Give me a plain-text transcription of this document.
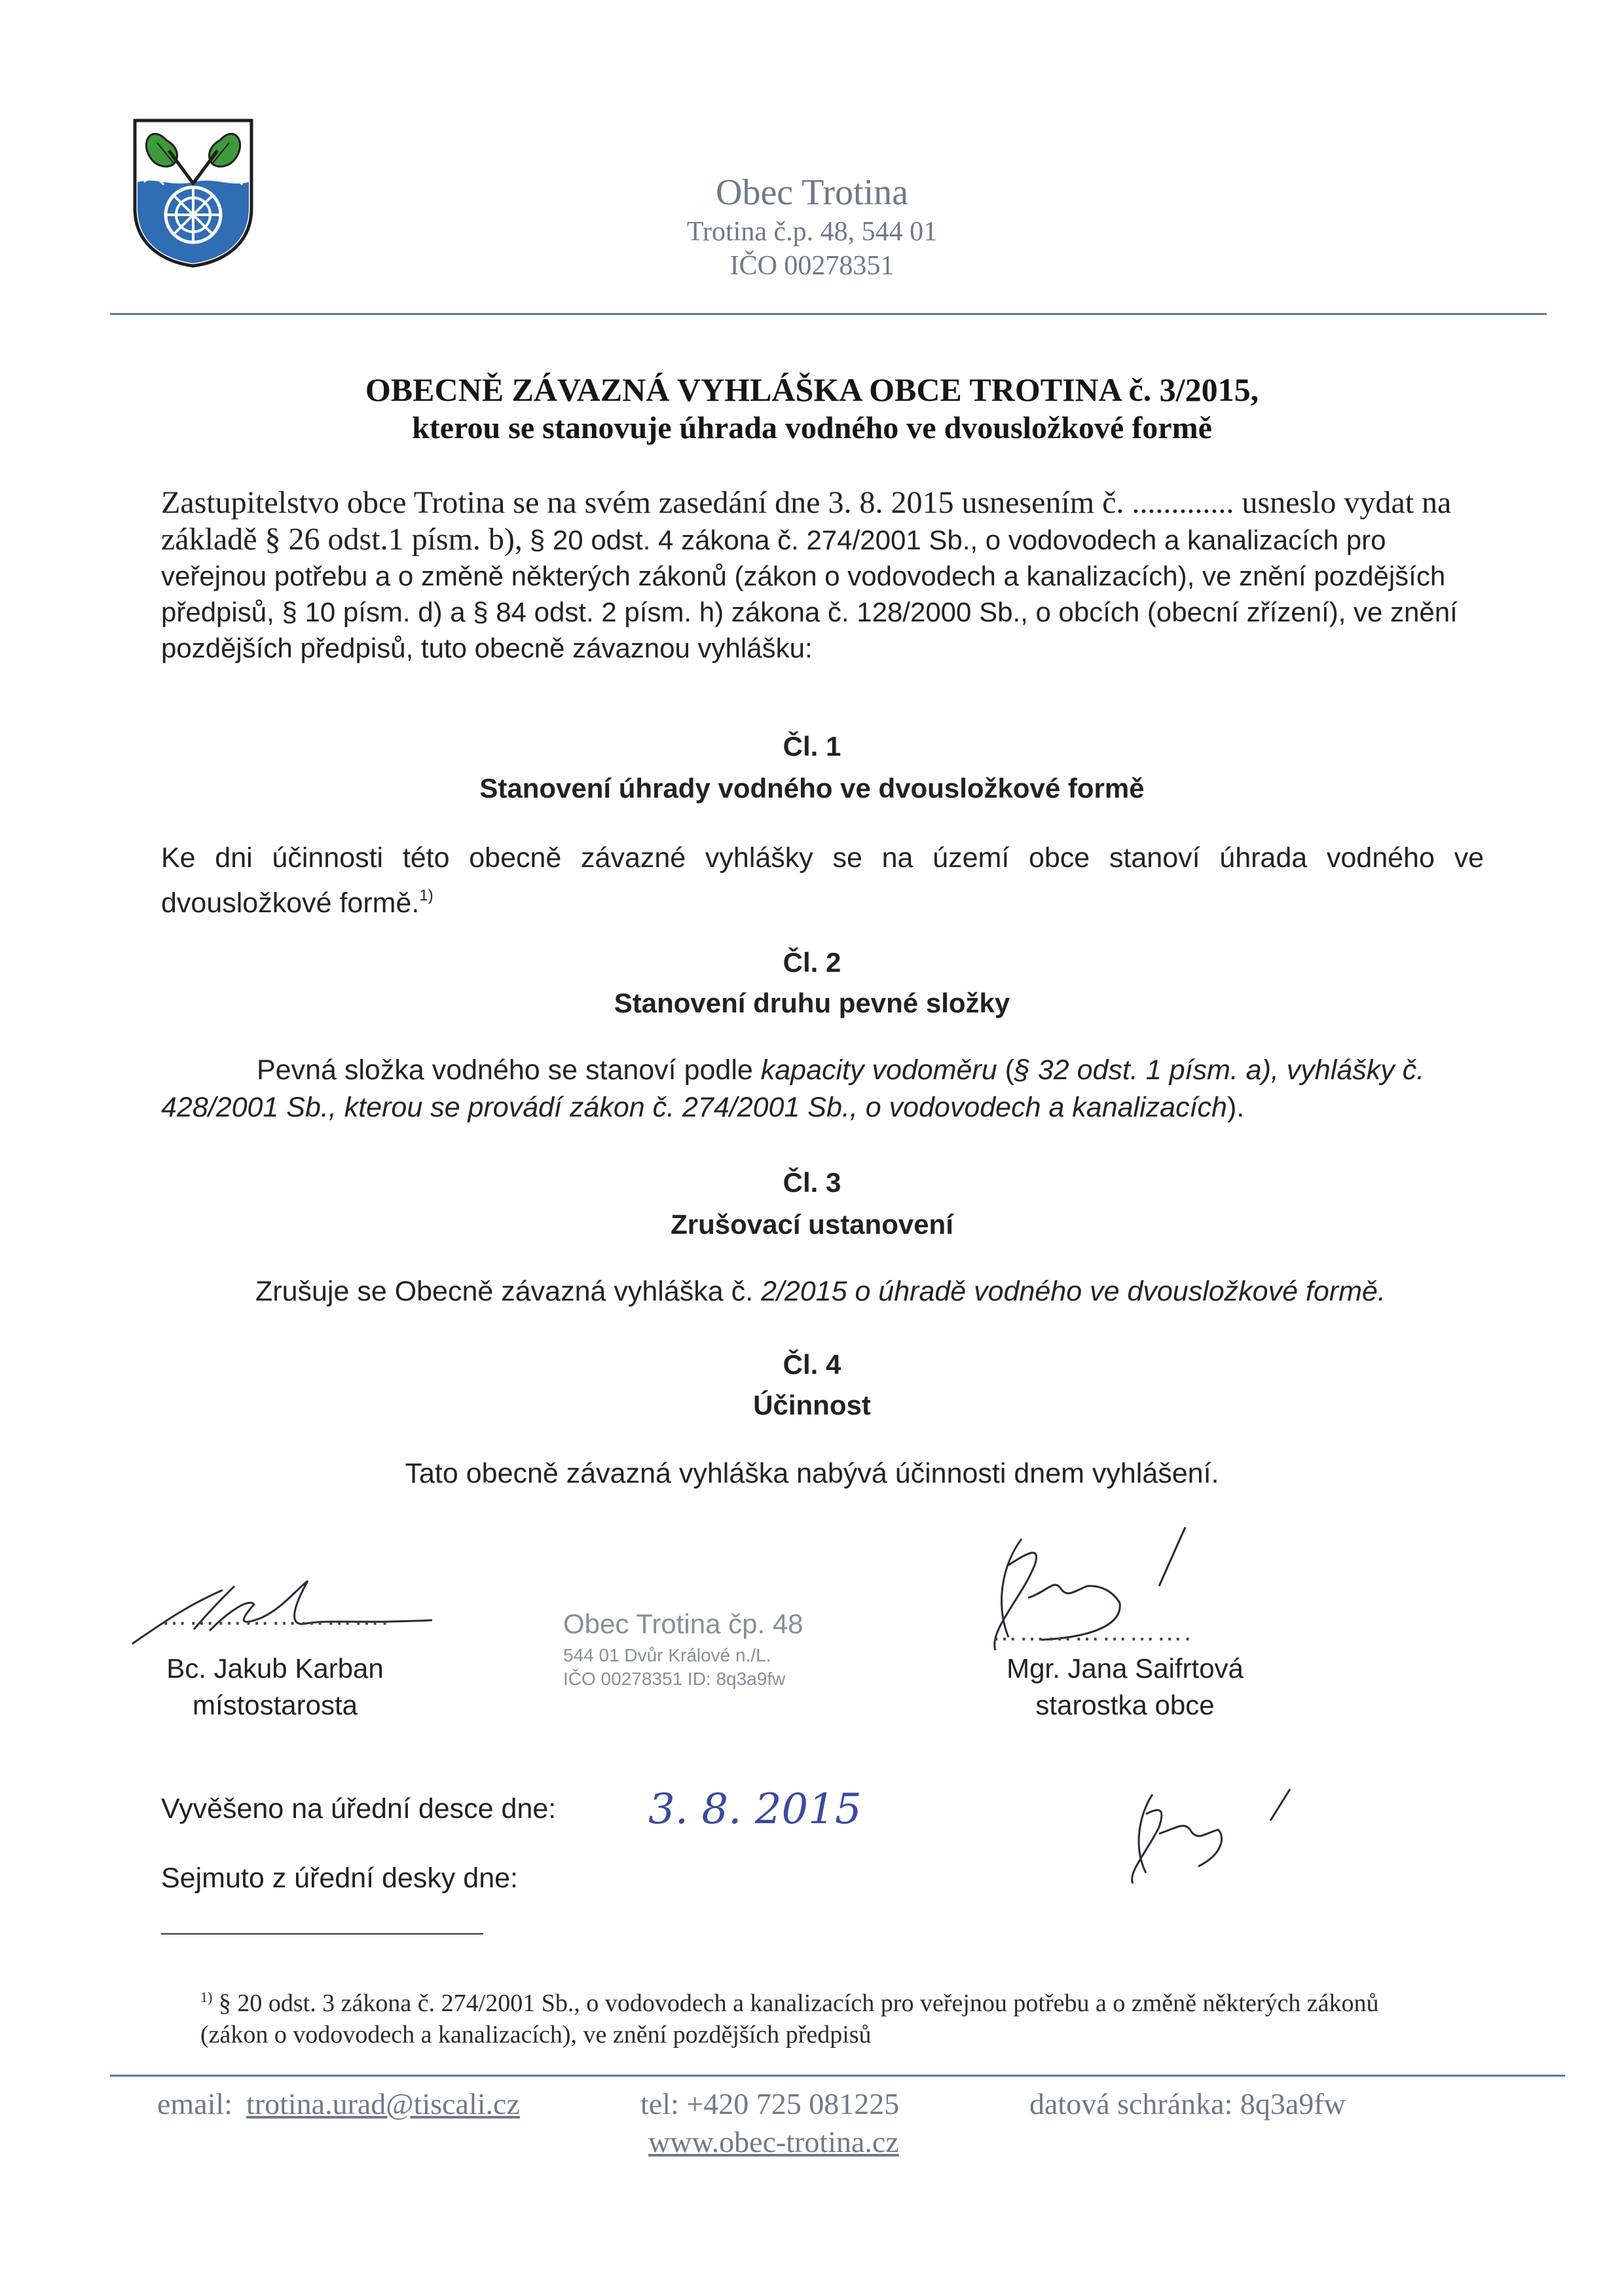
Obec Trotina
Trotina č.p. 48, 544 01
IČO 00278351
OBECNĚ ZÁVAZNÁ VYHLÁŠKA OBCE TROTINA č. 3/2015,
kterou se stanovuje úhrada vodného ve dvousložkové formě
Zastupitelstvo obce Trotina se na svém zasedání dne 3. 8. 2015 usnesením č. ............. usneslo vydat na základě § 26 odst.1 písm. b), § 20 odst. 4 zákona č. 274/2001 Sb., o vodovodech a kanalizacích pro veřejnou potřebu a o změně některých zákonů (zákon o vodovodech a kanalizacích), ve znění pozdějších předpisů, § 10 písm. d) a § 84 odst. 2 písm. h) zákona č. 128/2000 Sb., o obcích (obecní zřízení), ve znění pozdějších předpisů, tuto obecně závaznou vyhlášku:
Čl. 1
Stanovení úhrady vodného ve dvousložkové formě
Ke dni účinnosti této obecně závazné vyhlášky se na území obce stanoví úhrada vodného ve dvousložkové formě.$^{1)}$
Čl. 2
Stanovení druhu pevné složky
Pevná složka vodného se stanoví podle kapacity vodoměru (§ 32 odst. 1 písm. a), vyhlášky č. 428/2001 Sb., kterou se provádí zákon č. 274/2001 Sb., o vodovodech a kanalizacích).
Čl. 3
Zrušovací ustanovení
Zrušuje se Obecně závazná vyhláška č. 2/2015 o úhradě vodného ve dvousložkové formě.
Čl. 4
Účinnost
Tato obecně závazná vyhláška nabývá účinnosti dnem vyhlášení.
…………………….
Bc. Jakub Karban
místostarosta
Obec Trotina čp. 48
544 01 Dvůr Králové n./L.
IČO 00278351 ID: 8q3a9fw
………………….
Mgr. Jana Saifrtová
starostka obce
Vyvěšeno na úřední desce dne: 3. 8. 2015
Sejmuto z úřední desky dne:
$^{1)}$ § 20 odst. 3 zákona č. 274/2001 Sb., o vodovodech a kanalizacích pro veřejnou potřebu a o změně některých zákonů (zákon o vodovodech a kanalizacích), ve znění pozdějších předpisů
email: trotina.urad@tiscali.cz	tel: +420 725 081225	datová schránka: 8q3a9fw
www.obec-trotina.cz
